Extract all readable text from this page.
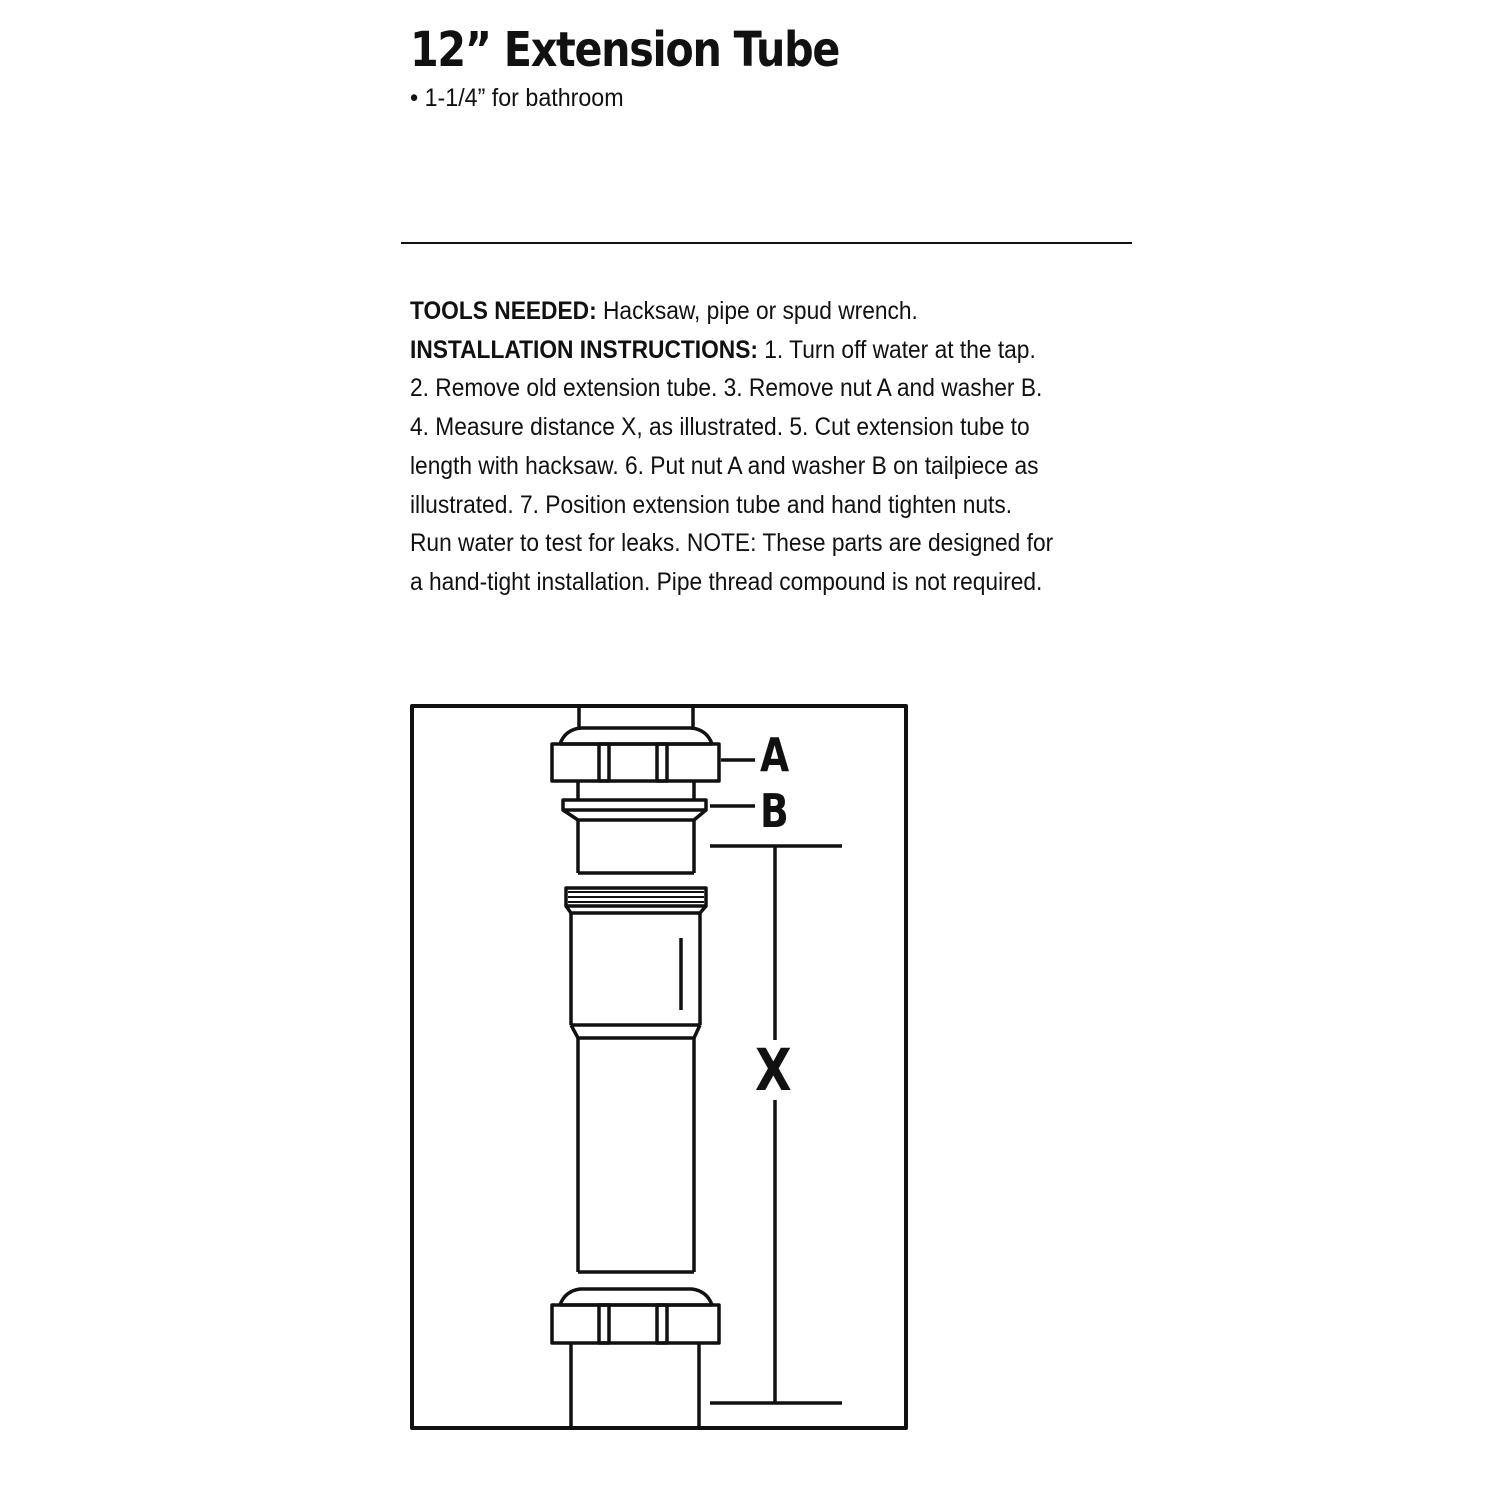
12” Extension Tube
• 1-1/4” for bathroom
TOOLS NEEDED: Hacksaw, pipe or spud wrench.
INSTALLATION INSTRUCTIONS: 1. Turn off water at the tap.
2. Remove old extension tube. 3. Remove nut A and washer B.
4. Measure distance X, as illustrated. 5. Cut extension tube to
length with hacksaw. 6. Put nut A and washer B on tailpiece as
illustrated. 7. Position extension tube and hand tighten nuts.
Run water to test for leaks. NOTE: These parts are designed for
a hand-tight installation. Pipe thread compound is not required.
A
B
X
